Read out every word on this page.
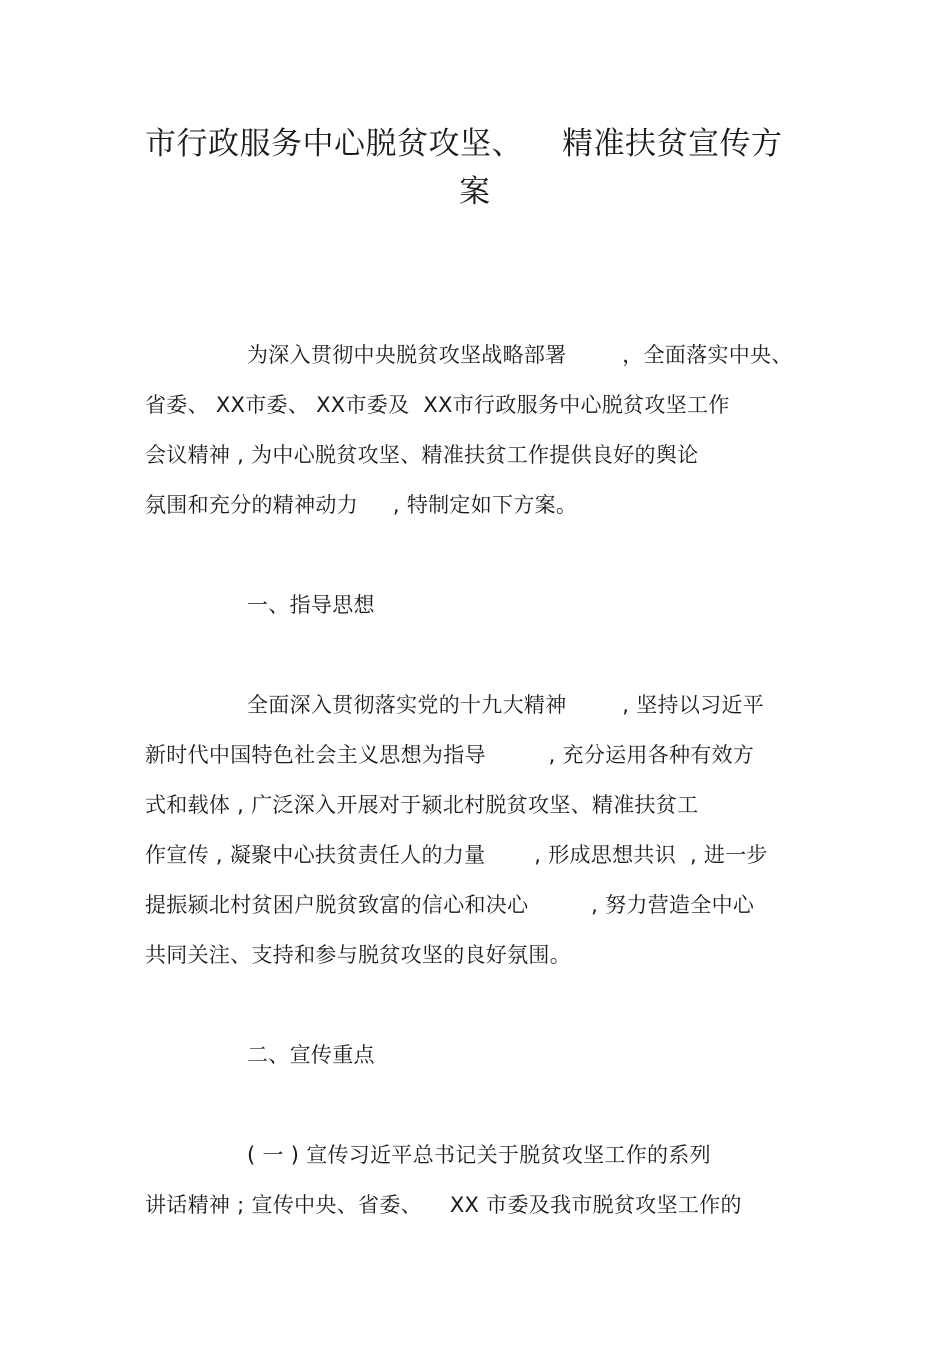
市行政服务中心脱贫攻坚、 精准扶贫宣传方
案
为深入贯彻中央脱贫攻坚战略部署        ，全面落实中央、
省委、 XX市委、 XX市委及  XX市行政服务中心脱贫攻坚工作
会议精神 , 为中心脱贫攻坚、精准扶贫工作提供良好的舆论
氛围和充分的精神动力     , 特制定如下方案。
一、指导思想
全面深入贯彻落实党的十九大精神        , 坚持以习近平
新时代中国特色社会主义思想为指导         , 充分运用各种有效方
式和载体 , 广泛深入开展对于颍北村脱贫攻坚、精准扶贫工
作宣传 , 凝聚中心扶贫责任人的力量       , 形成思想共识  , 进一步
提振颍北村贫困户脱贫致富的信心和决心         , 努力营造全中心
共同关注、支持和参与脱贫攻坚的良好氛围。
二、宣传重点
( 一 ) 宣传习近平总书记关于脱贫攻坚工作的系列
讲话精神 ; 宣传中央、省委、    XX 市委及我市脱贫攻坚工作的
